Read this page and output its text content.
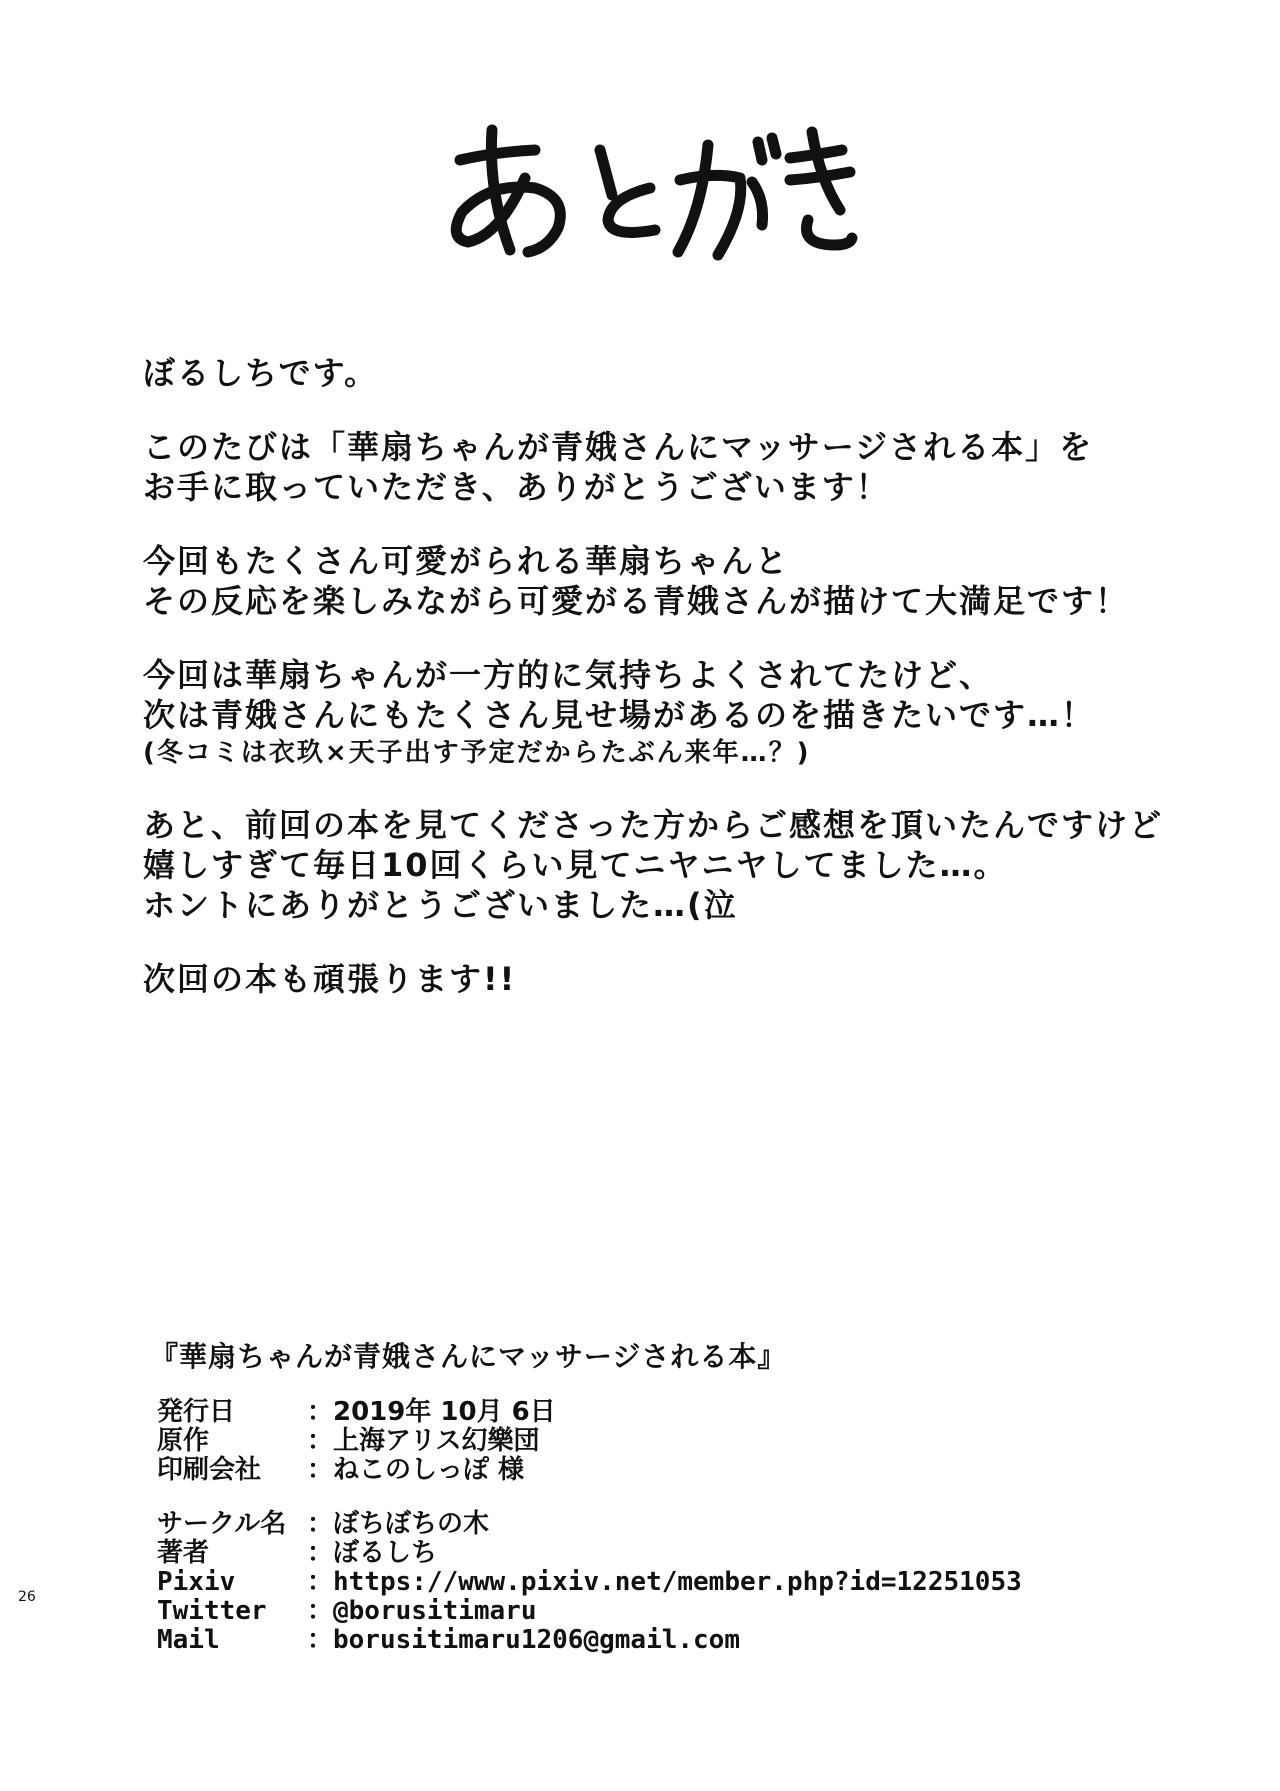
ぼるしちです。
このたびは「華扇ちゃんが青娥さんにマッサージされる本」を
お手に取っていただき、ありがとうございます！
今回もたくさん可愛がられる華扇ちゃんと
その反応を楽しみながら可愛がる青娥さんが描けて大満足です！
今回は華扇ちゃんが一方的に気持ちよくされてたけど、
次は青娥さんにもたくさん見せ場があるのを描きたいです…！
(冬コミは衣玖×天子出す予定だからたぶん来年…？)
あと、前回の本を見てくださった方からご感想を頂いたんですけど
嬉しすぎて毎日10回くらい見てニヤニヤしてました…。
ホントにありがとうございました…(泣
次回の本も頑張ります!!
『華扇ちゃんが青娥さんにマッサージされる本』
発行日	：2019年 10月 6日
原作	：上海アリス幻樂団
印刷会社	：ねこのしっぽ 様
サークル名 ：ぼちぼちの木
著者	：ぼるしち
Pixiv	：https://www.pixiv.net/member.php?id=12251053
Twitter	：@borusitimaru
Mail	：borusitimaru1206@gmail.com
26
